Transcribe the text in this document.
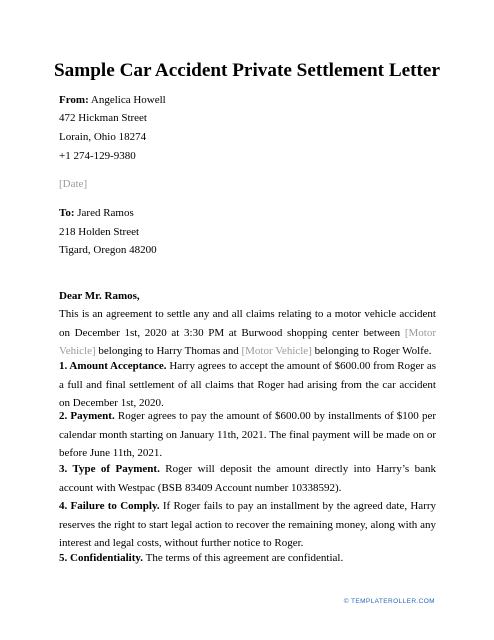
Sample Car Accident Private Settlement Letter
From: Angelica Howell
472 Hickman Street
Lorain, Ohio 18274
+1 274-129-9380
[Date]
To: Jared Ramos
218 Holden Street
Tigard, Oregon 48200
Dear Mr. Ramos,
This is an agreement to settle any and all claims relating to a motor vehicle accident on December 1st, 2020 at 3:30 PM at Burwood shopping center between [Motor Vehicle] belonging to Harry Thomas and [Motor Vehicle] belonging to Roger Wolfe.
1. Amount Acceptance. Harry agrees to accept the amount of $600.00 from Roger as a full and final settlement of all claims that Roger had arising from the car accident on December 1st, 2020.
2. Payment. Roger agrees to pay the amount of $600.00 by installments of $100 per calendar month starting on January 11th, 2021. The final payment will be made on or before June 11th, 2021.
3. Type of Payment. Roger will deposit the amount directly into Harry’s bank account with Westpac (BSB 83409 Account number 10338592).
4. Failure to Comply. If Roger fails to pay an installment by the agreed date, Harry reserves the right to start legal action to recover the remaining money, along with any interest and legal costs, without further notice to Roger.
5. Confidentiality. The terms of this agreement are confidential.
© TEMPLATEROLLER.COM
